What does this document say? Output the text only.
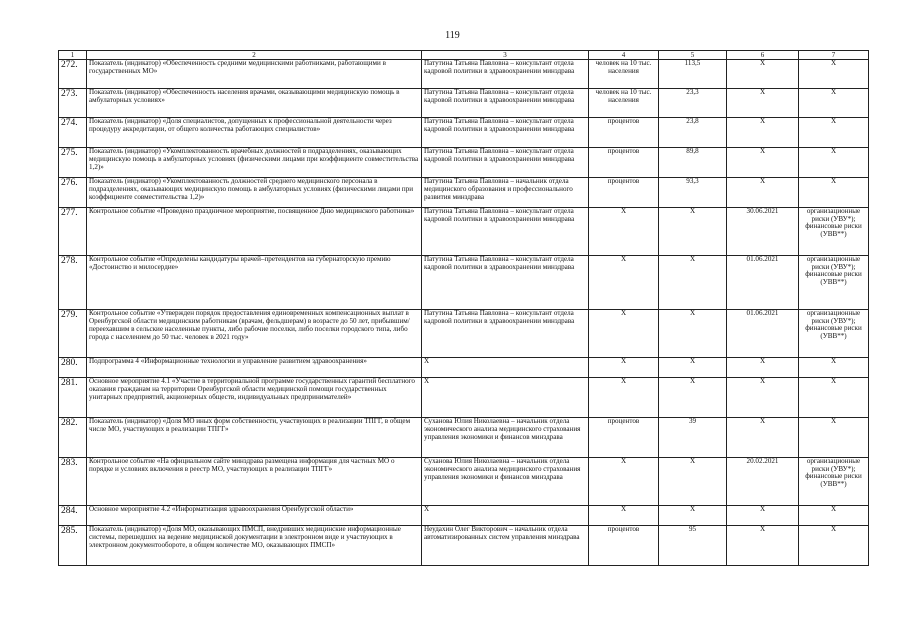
119
1	2	3	4	5	6	7
272.	Показатель (индикатор) «Обеспеченность средними медицинскими работниками, работающими в государственных МО»	Патутина Татьяна Павловна – консультант отдела кадровой политики в здравоохранении минздрава	человек на 10 тыс. населения	113,5	X	X
273.	Показатель (индикатор) «Обеспеченность населения врачами, оказывающими медицинскую помощь в амбулаторных условиях»	Патутина Татьяна Павловна – консультант отдела кадровой политики в здравоохранении минздрава	человек на 10 тыс. населения	23,3	X	X
274.	Показатель (индикатор) «Доля специалистов, допущенных к профессиональной деятельности через процедуру аккредитации, от общего количества работающих специалистов»	Патутина Татьяна Павловна – консультант отдела кадровой политики в здравоохранении минздрава	процентов	23,8	X	X
275.	Показатель (индикатор) «Укомплектованность врачебных должностей в подразделениях, оказывающих медицинскую помощь в амбулаторных условиях (физическими лицами при коэффициенте совместительства 1,2)»	Патутина Татьяна Павловна – консультант отдела кадровой политики в здравоохранении минздрава	процентов	89,8	X	X
276.	Показатель (индикатор) «Укомплектованность должностей среднего медицинского персонала в подразделениях, оказывающих медицинскую помощь в амбулаторных условиях (физическими лицами при коэффициенте совместительства 1,2)»	Патутина Татьяна Павловна – начальник отдела медицинского образования и профессионального развития минздрава	процентов	93,3	X	X
277.	Контрольное событие «Проведено праздничное мероприятие, посвященное Дню медицинского работника»	Патутина Татьяна Павловна – консультант отдела кадровой политики в здравоохранении минздрава	X	X	30.06.2021	организационные риски (УВУ*); финансовые риски (УВВ**)
278.	Контрольное событие «Определены кандидатуры врачей–претендентов на губернаторскую премию «Достоинство и милосердие»	Патутина Татьяна Павловна – консультант отдела кадровой политики в здравоохранении минздрава	X	X	01.06.2021	организационные риски (УВУ*); финансовые риски (УВВ**)
279.	Контрольное событие «Утвержден порядок предоставления единовременных компенсационных выплат в Оренбургской области медицинским работникам (врачам, фельдшерам) в возрасте до 50 лет, прибывшим/переехавшим в сельские населенные пункты, либо рабочие поселки, либо поселки городского типа, либо города с населением до 50 тыс. человек в 2021 году»	Патутина Татьяна Павловна – консультант отдела кадровой политики в здравоохранении минздрава	X	X	01.06.2021	организационные риски (УВУ*); финансовые риски (УВВ**)
280.	Подпрограмма 4 «Информационные технологии и управление развитием здравоохранения»	X	X	X	X	X
281.	Основное мероприятие 4.1 «Участие в территориальной программе государственных гарантий бесплатного оказания гражданам на территории Оренбургской области медицинской помощи государственных унитарных предприятий, акционерных обществ, индивидуальных предпринимателей»	X	X	X	X	X
282.	Показатель (индикатор) «Доля МО иных форм собственности, участвующих в реализации ТПГГ, в общем числе МО, участвующих в реализации ТПГГ»	Суханова Юлия Николаевна – начальник отдела экономического анализа медицинского страхования управления экономики и финансов минздрава	процентов	39	X	X
283.	Контрольное событие «На официальном сайте минздрава размещена информация для частных МО о порядке и условиях включения в реестр МО, участвующих в реализации ТПГГ»	Суханова Юлия Николаевна – начальник отдела экономического анализа медицинского страхования управления экономики и финансов минздрава	X	X	20.02.2021	организационные риски (УВУ*); финансовые риски (УВВ**)
284.	Основное мероприятие 4.2 «Информатизация здравоохранения Оренбургской области»	X	X	X	X	X
285.	Показатель (индикатор) «Доля МО, оказывающих ПМСП, внедривших медицинские информационные системы, перешедших на ведение медицинской документации в электронном виде и участвующих в электронном документообороте, в общем количестве МО, оказывающих ПМСП»	Неудахин Олег Викторович – начальник отдела автоматизированных систем управления минздрава	процентов	95	X	X
